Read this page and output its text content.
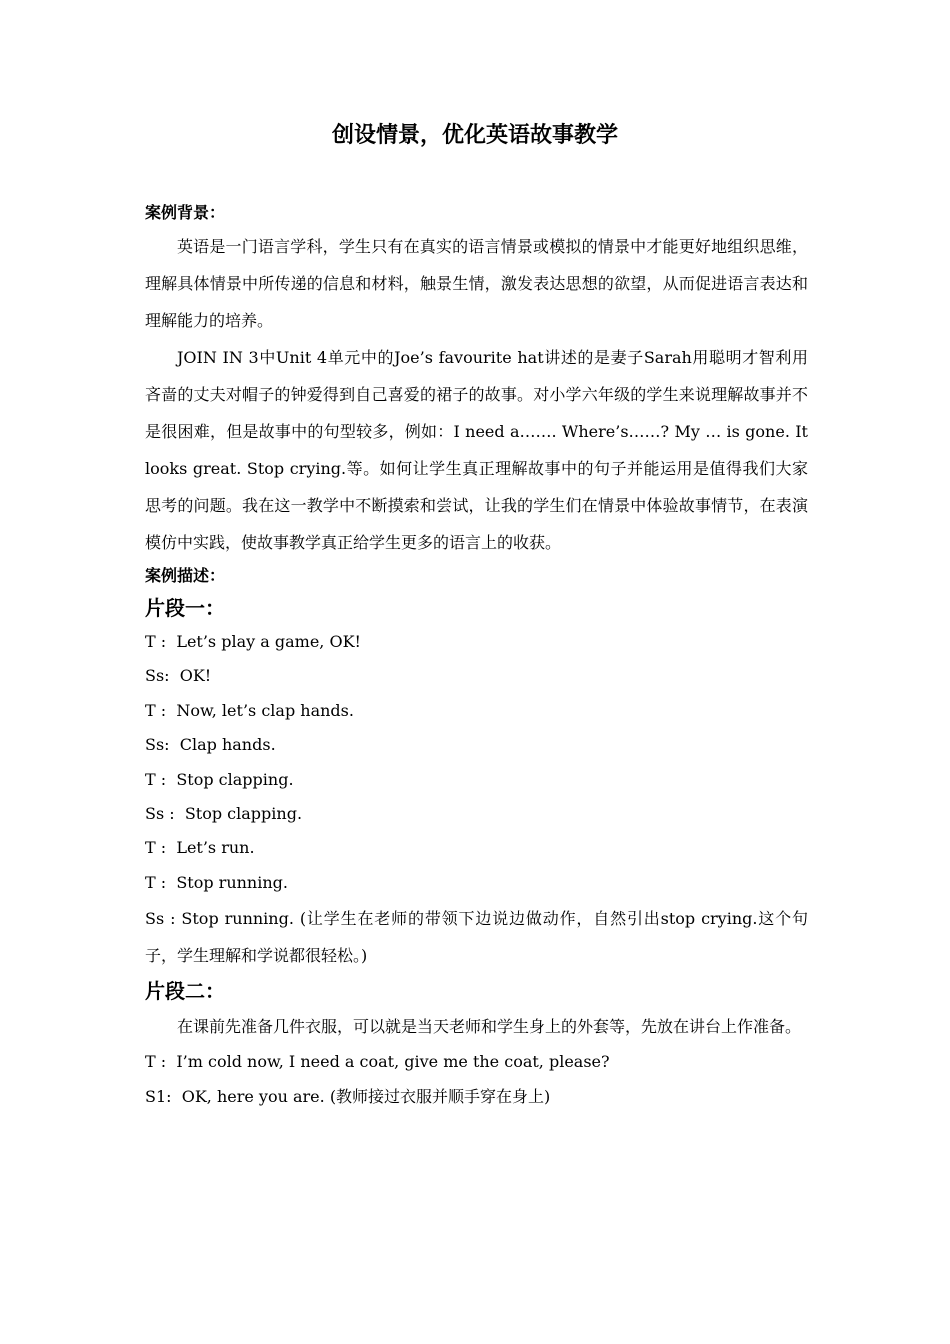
创设情景，优化英语故事教学

案例背景：

英语是一门语言学科，学生只有在真实的语言情景或模拟的情景中才能更好地组织思维，理解具体情景中所传递的信息和材料，触景生情，激发表达思想的欲望，从而促进语言表达和理解能力的培养。

JOIN IN 3中Unit 4单元中的Joe’s favourite hat讲述的是妻子Sarah用聪明才智利用吝啬的丈夫对帽子的钟爱得到自己喜爱的裙子的故事。对小学六年级的学生来说理解故事并不是很困难，但是故事中的句型较多，例如：I need a……. Where’s……? My … is gone. It looks great. Stop crying.等。如何让学生真正理解故事中的句子并能运用是值得我们大家思考的问题。我在这一教学中不断摸索和尝试，让我的学生们在情景中体验故事情节，在表演模仿中实践，使故事教学真正给学生更多的语言上的收获。

案例描述：

片段一：

T :  Let’s play a game, OK!

Ss:  OK!

T :  Now, let’s clap hands.

Ss:  Clap hands.

T :  Stop clapping.

Ss :  Stop clapping.

T :  Let’s run.

T :  Stop running.

Ss : Stop running. (让学生在老师的带领下边说边做动作，自然引出stop crying.这个句子，学生理解和学说都很轻松。)

片段二：

在课前先准备几件衣服，可以就是当天老师和学生身上的外套等，先放在讲台上作准备。

T :  I’m cold now, I need a coat, give me the coat, please?

S1:  OK, here you are. (教师接过衣服并顺手穿在身上)
